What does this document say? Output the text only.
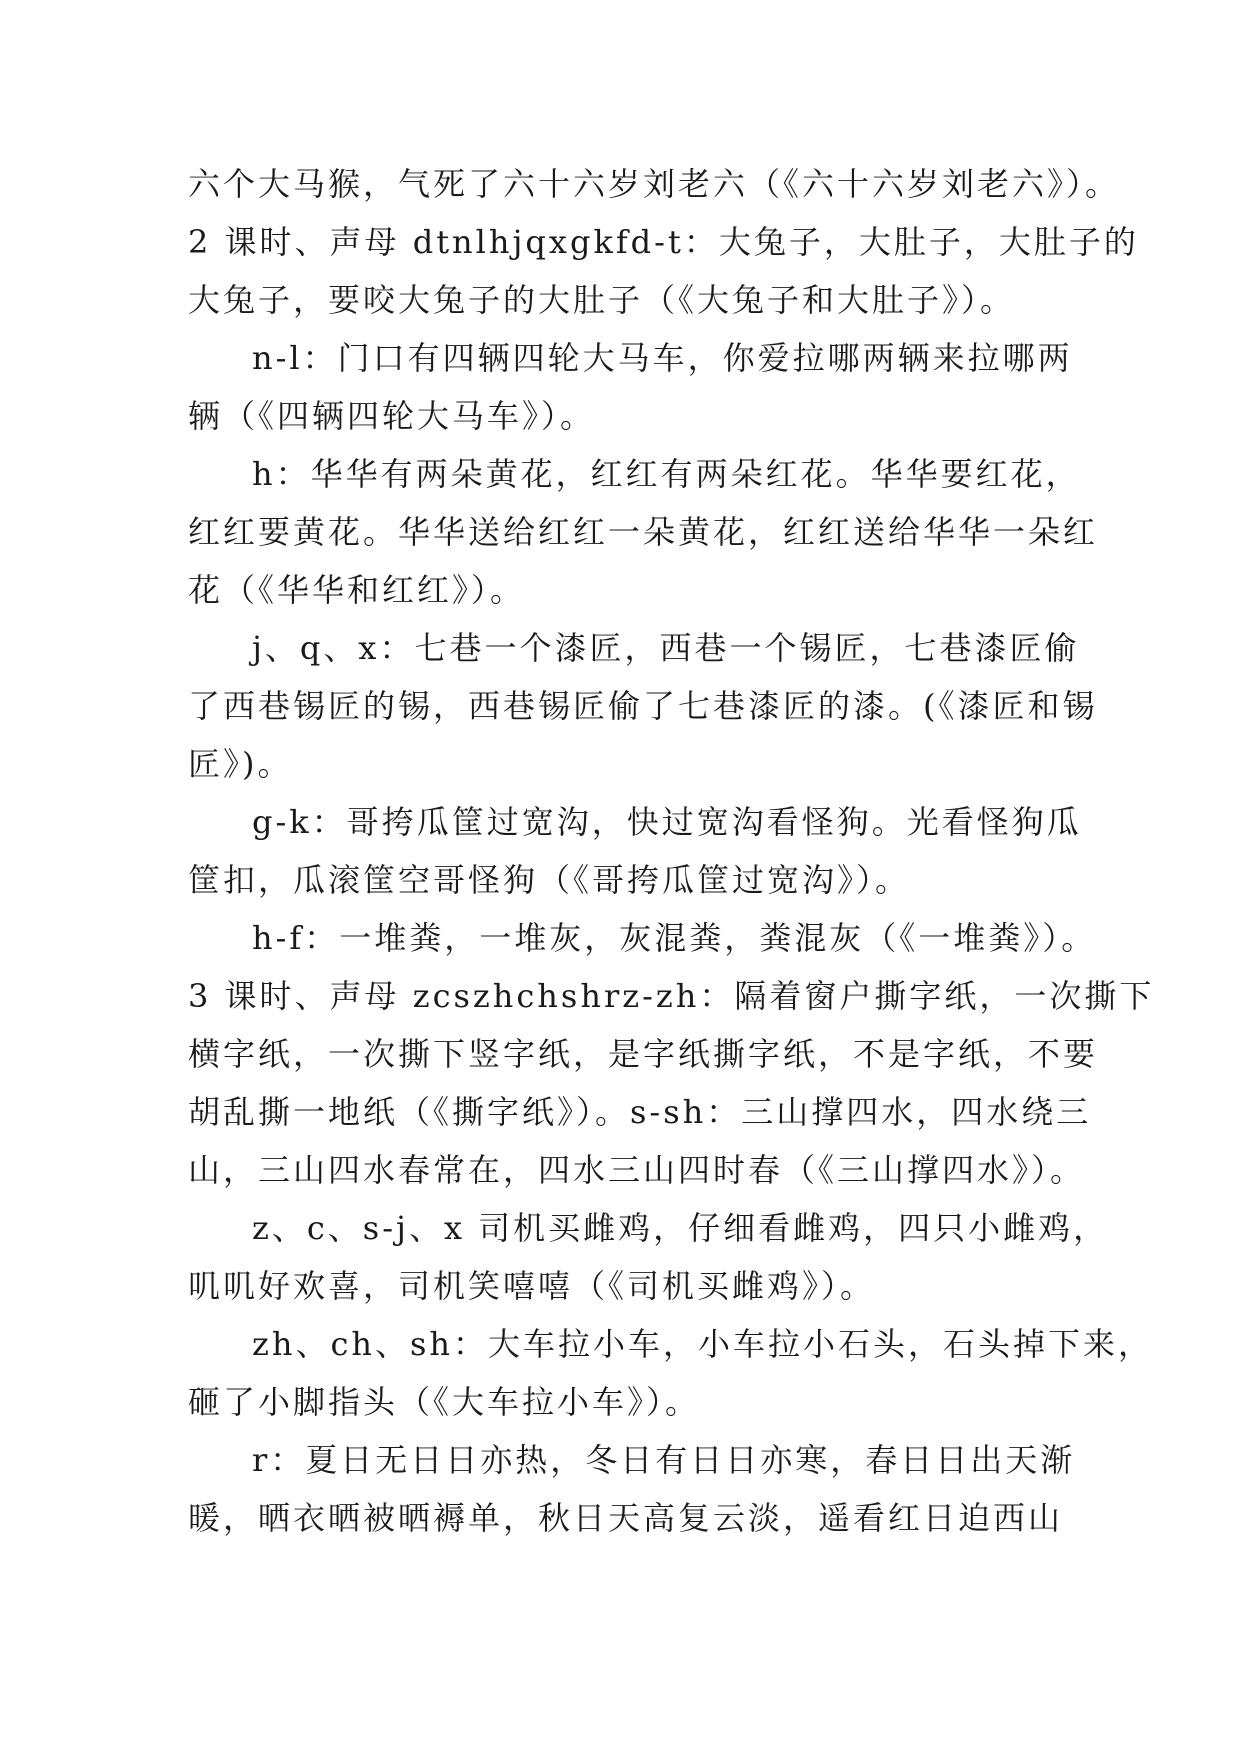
六个大马猴，气死了六十六岁刘老六（《六十六岁刘老六》）。
2 课时、声母 dtnlhjqxgkfd-t：大兔子，大肚子，大肚子的
大兔子，要咬大兔子的大肚子（《大兔子和大肚子》）。
n-l：门口有四辆四轮大马车，你爱拉哪两辆来拉哪两
辆（《四辆四轮大马车》）。
h：华华有两朵黄花，红红有两朵红花。华华要红花，
红红要黄花。华华送给红红一朵黄花，红红送给华华一朵红
花（《华华和红红》）。
j、q、x：七巷一个漆匠，西巷一个锡匠，七巷漆匠偷
了西巷锡匠的锡，西巷锡匠偷了七巷漆匠的漆。(《漆匠和锡
匠》)。
g-k：哥挎瓜筐过宽沟，快过宽沟看怪狗。光看怪狗瓜
筐扣，瓜滚筐空哥怪狗（《哥挎瓜筐过宽沟》）。
h-f：一堆粪，一堆灰，灰混粪，粪混灰（《一堆粪》）。
3 课时、声母 zcszhchshrz-zh：隔着窗户撕字纸，一次撕下
横字纸，一次撕下竖字纸，是字纸撕字纸，不是字纸，不要
胡乱撕一地纸（《撕字纸》）。s-sh：三山撑四水，四水绕三
山，三山四水春常在，四水三山四时春（《三山撑四水》）。
z、c、s-j、x 司机买雌鸡，仔细看雌鸡，四只小雌鸡，
叽叽好欢喜，司机笑嘻嘻（《司机买雌鸡》）。
zh、ch、sh：大车拉小车，小车拉小石头，石头掉下来，
砸了小脚指头（《大车拉小车》）。
r：夏日无日日亦热，冬日有日日亦寒，春日日出天渐
暖，晒衣晒被晒褥单，秋日天高复云淡，遥看红日迫西山
